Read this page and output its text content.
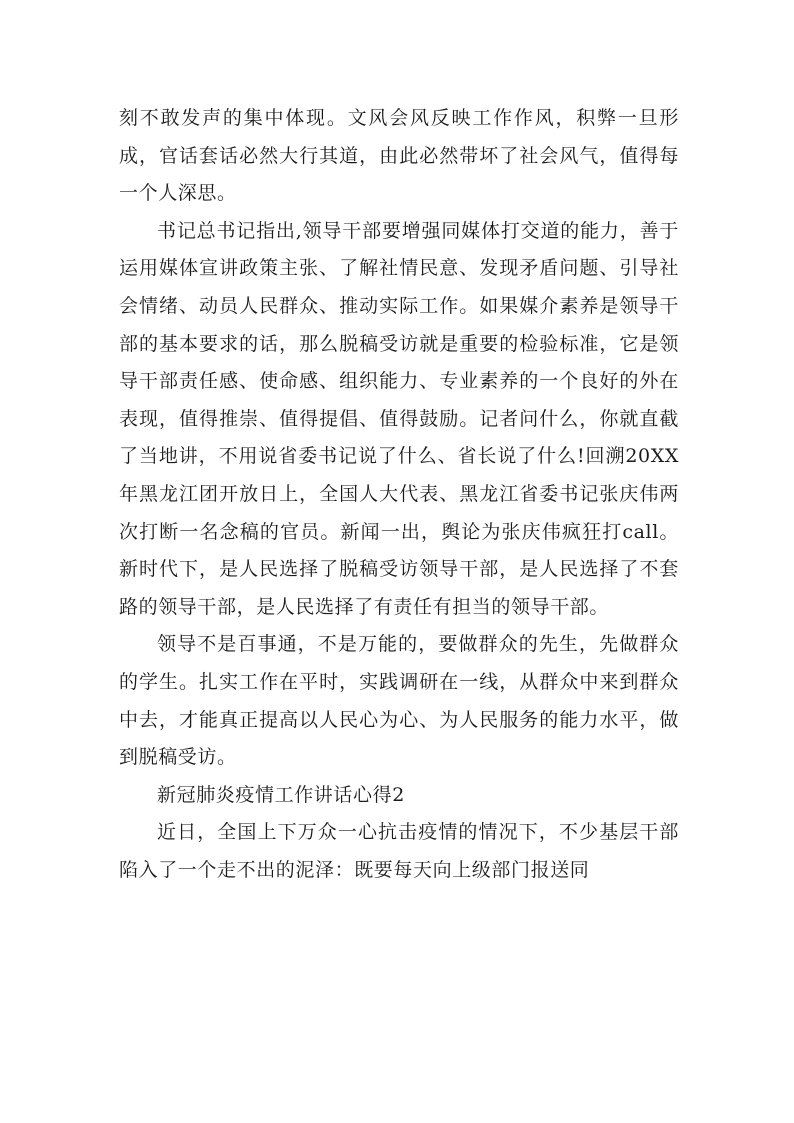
刻不敢发声的集中体现。文风会风反映工作作风，积弊一旦形成，官话套话必然大行其道，由此必然带坏了社会风气，值得每一个人深思。

书记总书记指出,领导干部要增强同媒体打交道的能力，善于运用媒体宣讲政策主张、了解社情民意、发现矛盾问题、引导社会情绪、动员人民群众、推动实际工作。如果媒介素养是领导干部的基本要求的话，那么脱稿受访就是重要的检验标准，它是领导干部责任感、使命感、组织能力、专业素养的一个良好的外在表现，值得推崇、值得提倡、值得鼓励。记者问什么，你就直截了当地讲，不用说省委书记说了什么、省长说了什么!回溯20XX年黑龙江团开放日上，全国人大代表、黑龙江省委书记张庆伟两次打断一名念稿的官员。新闻一出，舆论为张庆伟疯狂打call。新时代下，是人民选择了脱稿受访领导干部，是人民选择了不套路的领导干部，是人民选择了有责任有担当的领导干部。

领导不是百事通，不是万能的，要做群众的先生，先做群众的学生。扎实工作在平时，实践调研在一线，从群众中来到群众中去，才能真正提高以人民心为心、为人民服务的能力水平，做到脱稿受访。

新冠肺炎疫情工作讲话心得2

近日，全国上下万众一心抗击疫情的情况下，不少基层干部陷入了一个走不出的泥泽：既要每天向上级部门报送同
